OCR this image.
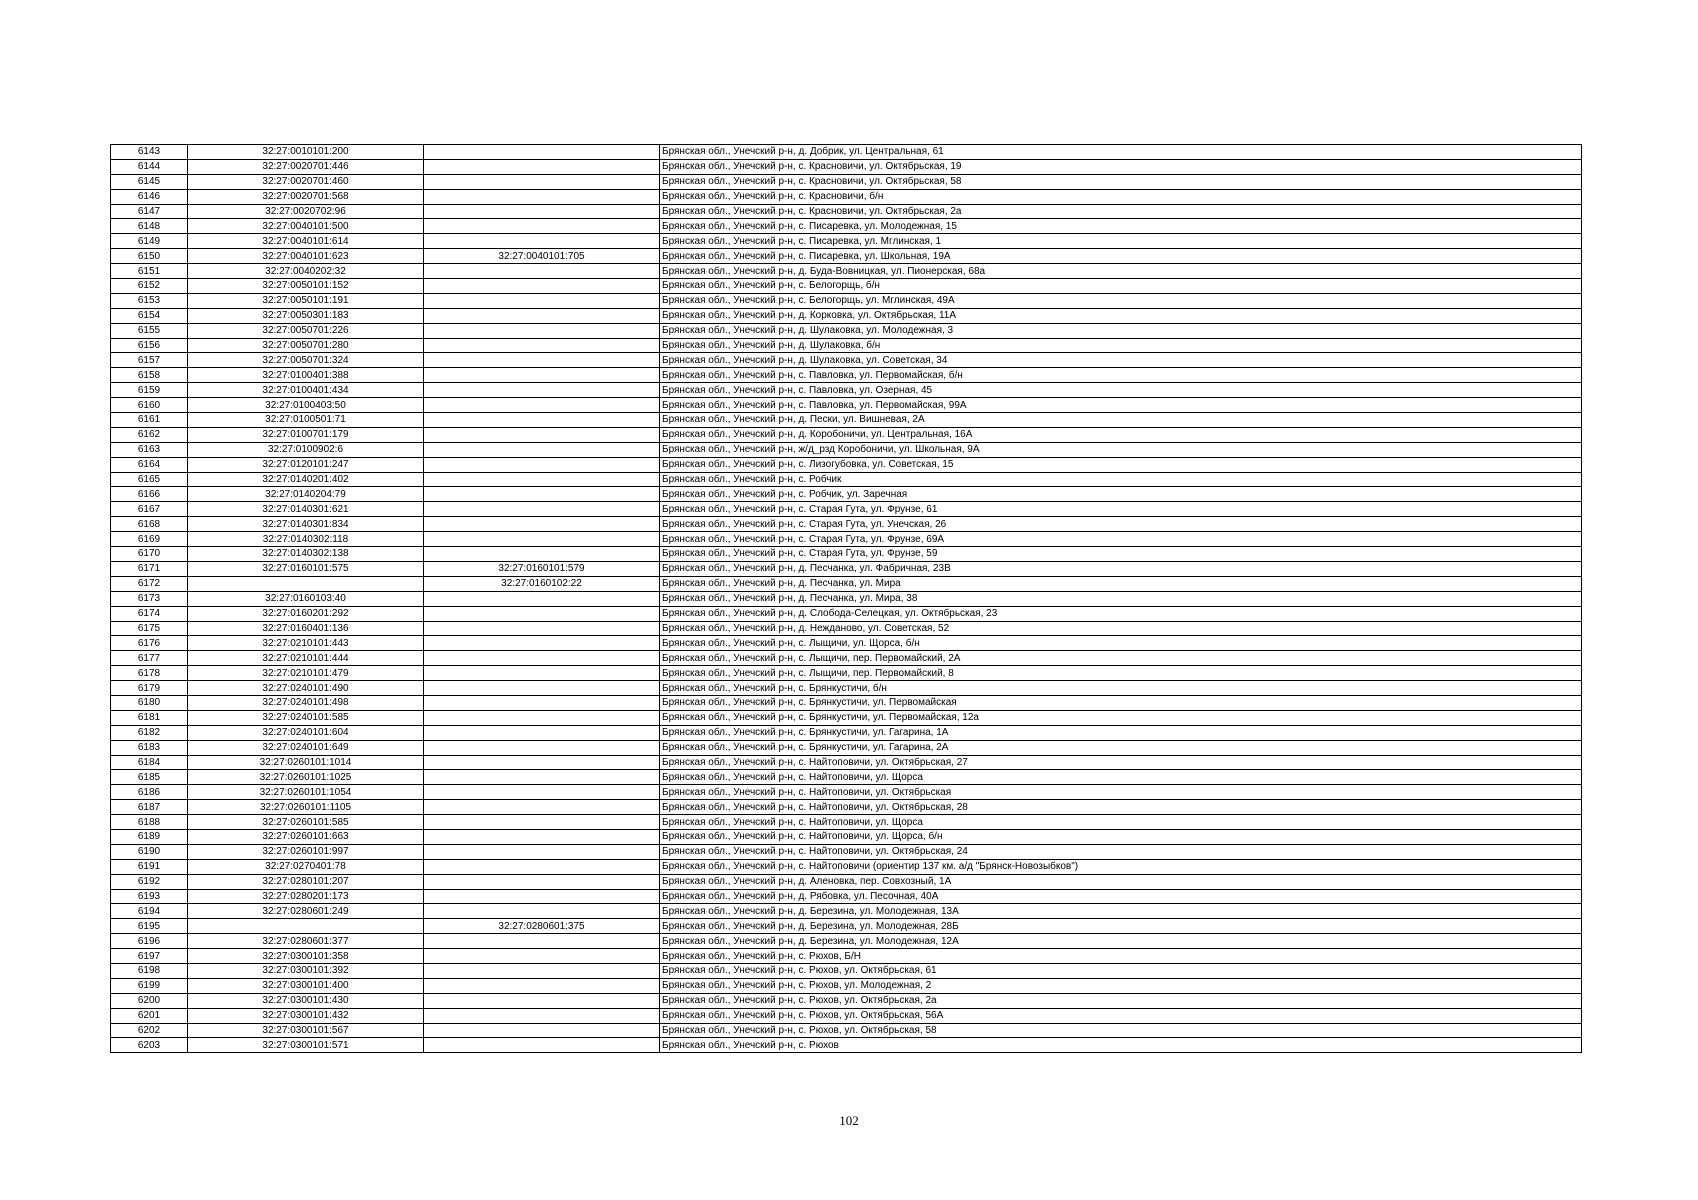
6143	32:27:0010101:200		Брянская обл., Унечский р-н, д. Добрик, ул. Центральная, 61
6144	32:27:0020701:446		Брянская обл., Унечский р-н, с. Красновичи, ул. Октябрьская, 19
6145	32:27:0020701:460		Брянская обл., Унечский р-н, с. Красновичи, ул. Октябрьская, 58
6146	32:27:0020701:568		Брянская обл., Унечский р-н, с. Красновичи, б/н
6147	32:27:0020702:96		Брянская обл., Унечский р-н, с. Красновичи, ул. Октябрьская, 2а
6148	32:27:0040101:500		Брянская обл., Унечский р-н, с. Писаревка, ул. Молодежная, 15
6149	32:27:0040101:614		Брянская обл., Унечский р-н, с. Писаревка, ул. Мглинская, 1
6150	32:27:0040101:623	32:27:0040101:705	Брянская обл., Унечский р-н, с. Писаревка, ул. Школьная, 19А
6151	32:27:0040202:32		Брянская обл., Унечский р-н, д. Буда-Вовницкая, ул. Пионерская, 68а
6152	32:27:0050101:152		Брянская обл., Унечский р-н, с. Белогорщь, б/н
6153	32:27:0050101:191		Брянская обл., Унечский р-н, с. Белогорщь, ул. Мглинская, 49А
6154	32:27:0050301:183		Брянская обл., Унечский р-н, д. Корковка, ул. Октябрьская, 11А
6155	32:27:0050701:226		Брянская обл., Унечский р-н, д. Шулаковка, ул. Молодежная, 3
6156	32:27:0050701:280		Брянская обл., Унечский р-н, д. Шулаковка, б/н
6157	32:27:0050701:324		Брянская обл., Унечский р-н, д. Шулаковка, ул. Советская, 34
6158	32:27:0100401:388		Брянская обл., Унечский р-н, с. Павловка, ул. Первомайская, б/н
6159	32:27:0100401:434		Брянская обл., Унечский р-н, с. Павловка, ул. Озерная, 45
6160	32:27:0100403:50		Брянская обл., Унечский р-н, с. Павловка, ул. Первомайская, 99А
6161	32:27:0100501:71		Брянская обл., Унечский р-н, д. Пески, ул. Вишневая, 2А
6162	32:27:0100701:179		Брянская обл., Унечский р-н, д. Коробоничи, ул. Центральная, 16А
6163	32:27:0100902:6		Брянская обл., Унечский р-н, ж/д_рзд Коробоничи, ул. Школьная, 9А
6164	32:27:0120101:247		Брянская обл., Унечский р-н, с. Лизогубовка, ул. Советская, 15
6165	32:27:0140201:402		Брянская обл., Унечский р-н, с. Робчик
6166	32:27:0140204:79		Брянская обл., Унечский р-н, с. Робчик, ул. Заречная
6167	32:27:0140301:621		Брянская обл., Унечский р-н, с. Старая Гута, ул. Фрунзе, 61
6168	32:27:0140301:834		Брянская обл., Унечский р-н, с. Старая Гута, ул. Унечская, 26
6169	32:27:0140302:118		Брянская обл., Унечский р-н, с. Старая Гута, ул. Фрунзе, 69А
6170	32:27:0140302:138		Брянская обл., Унечский р-н, с. Старая Гута, ул. Фрунзе, 59
6171	32:27:0160101:575	32:27:0160101:579	Брянская обл., Унечский р-н, д. Песчанка, ул. Фабричная, 23В
6172		32:27:0160102:22	Брянская обл., Унечский р-н, д. Песчанка, ул. Мира
6173	32:27:0160103:40		Брянская обл., Унечский р-н, д. Песчанка, ул. Мира, 38
6174	32:27:0160201:292		Брянская обл., Унечский р-н, д. Слобода-Селецкая, ул. Октябрьская, 23
6175	32:27:0160401:136		Брянская обл., Унечский р-н, д. Нежданово, ул. Советская, 52
6176	32:27:0210101:443		Брянская обл., Унечский р-н, с. Лыщичи, ул. Щорса, б/н
6177	32:27:0210101:444		Брянская обл., Унечский р-н, с. Лыщичи, пер. Первомайский, 2А
6178	32:27:0210101:479		Брянская обл., Унечский р-н, с. Лыщичи, пер. Первомайский, 8
6179	32:27:0240101:490		Брянская обл., Унечский р-н, с. Брянкустичи, б/н
6180	32:27:0240101:498		Брянская обл., Унечский р-н, с. Брянкустичи, ул. Первомайская
6181	32:27:0240101:585		Брянская обл., Унечский р-н, с. Брянкустичи, ул. Первомайская, 12а
6182	32:27:0240101:604		Брянская обл., Унечский р-н, с. Брянкустичи, ул. Гагарина, 1А
6183	32:27:0240101:649		Брянская обл., Унечский р-н, с. Брянкустичи, ул. Гагарина, 2А
6184	32:27:0260101:1014		Брянская обл., Унечский р-н, с. Найтоповичи, ул. Октябрьская, 27
6185	32:27:0260101:1025		Брянская обл., Унечский р-н, с. Найтоповичи, ул. Щорса
6186	32:27:0260101:1054		Брянская обл., Унечский р-н, с. Найтоповичи, ул. Октябрьская
6187	32:27:0260101:1105		Брянская обл., Унечский р-н, с. Найтоповичи, ул. Октябрьская, 28
6188	32:27:0260101:585		Брянская обл., Унечский р-н, с. Найтоповичи, ул. Щорса
6189	32:27:0260101:663		Брянская обл., Унечский р-н, с. Найтоповичи, ул. Щорса, б/н
6190	32:27:0260101:997		Брянская обл., Унечский р-н, с. Найтоповичи, ул. Октябрьская, 24
6191	32:27:0270401:78		Брянская обл., Унечский р-н, с. Найтоповичи (ориентир 137 км. а/д "Брянск-Новозыбков")
6192	32:27:0280101:207		Брянская обл., Унечский р-н, д. Аленовка, пер. Совхозный, 1А
6193	32:27:0280201:173		Брянская обл., Унечский р-н, д. Рябовка, ул. Песочная, 40А
6194	32:27:0280601:249		Брянская обл., Унечский р-н, д. Березина, ул. Молодежная, 13А
6195		32:27:0280601:375	Брянская обл., Унечский р-н, д. Березина, ул. Молодежная, 28Б
6196	32:27:0280601:377		Брянская обл., Унечский р-н, д. Березина, ул. Молодежная, 12А
6197	32:27:0300101:358		Брянская обл., Унечский р-н, с. Рюхов, Б/Н
6198	32:27:0300101:392		Брянская обл., Унечский р-н, с. Рюхов, ул. Октябрьская, 61
6199	32:27:0300101:400		Брянская обл., Унечский р-н, с. Рюхов, ул. Молодежная, 2
6200	32:27:0300101:430		Брянская обл., Унечский р-н, с. Рюхов, ул. Октябрьская, 2а
6201	32:27:0300101:432		Брянская обл., Унечский р-н, с. Рюхов, ул. Октябрьская, 56А
6202	32:27:0300101:567		Брянская обл., Унечский р-н, с. Рюхов, ул. Октябрьская, 58
6203	32:27:0300101:571		Брянская обл., Унечский р-н, с. Рюхов
102
